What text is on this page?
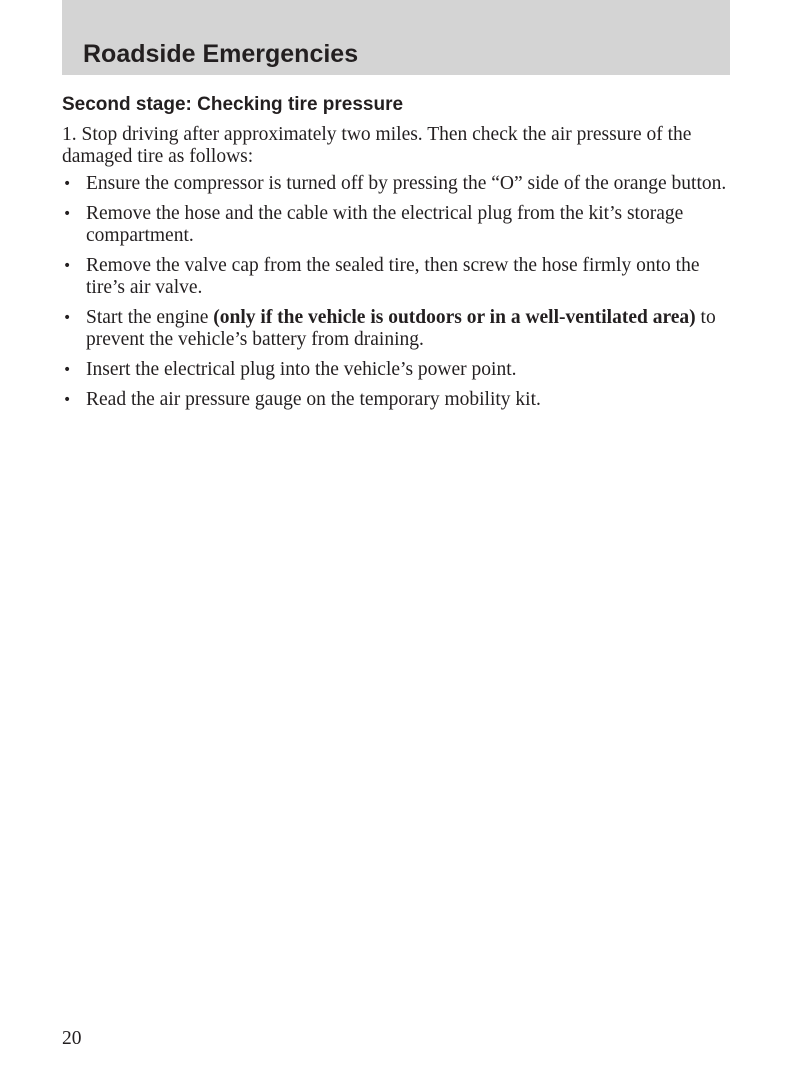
Roadside Emergencies
Second stage: Checking tire pressure

1. Stop driving after approximately two miles. Then check the air pressure of the damaged tire as follows:

• Ensure the compressor is turned off by pressing the “O” side of the orange button.
• Remove the hose and the cable with the electrical plug from the kit’s storage compartment.
• Remove the valve cap from the sealed tire, then screw the hose firmly onto the tire’s air valve.
• Start the engine (only if the vehicle is outdoors or in a well-ventilated area) to prevent the vehicle’s battery from draining.
• Insert the electrical plug into the vehicle’s power point.
• Read the air pressure gauge on the temporary mobility kit.

20
